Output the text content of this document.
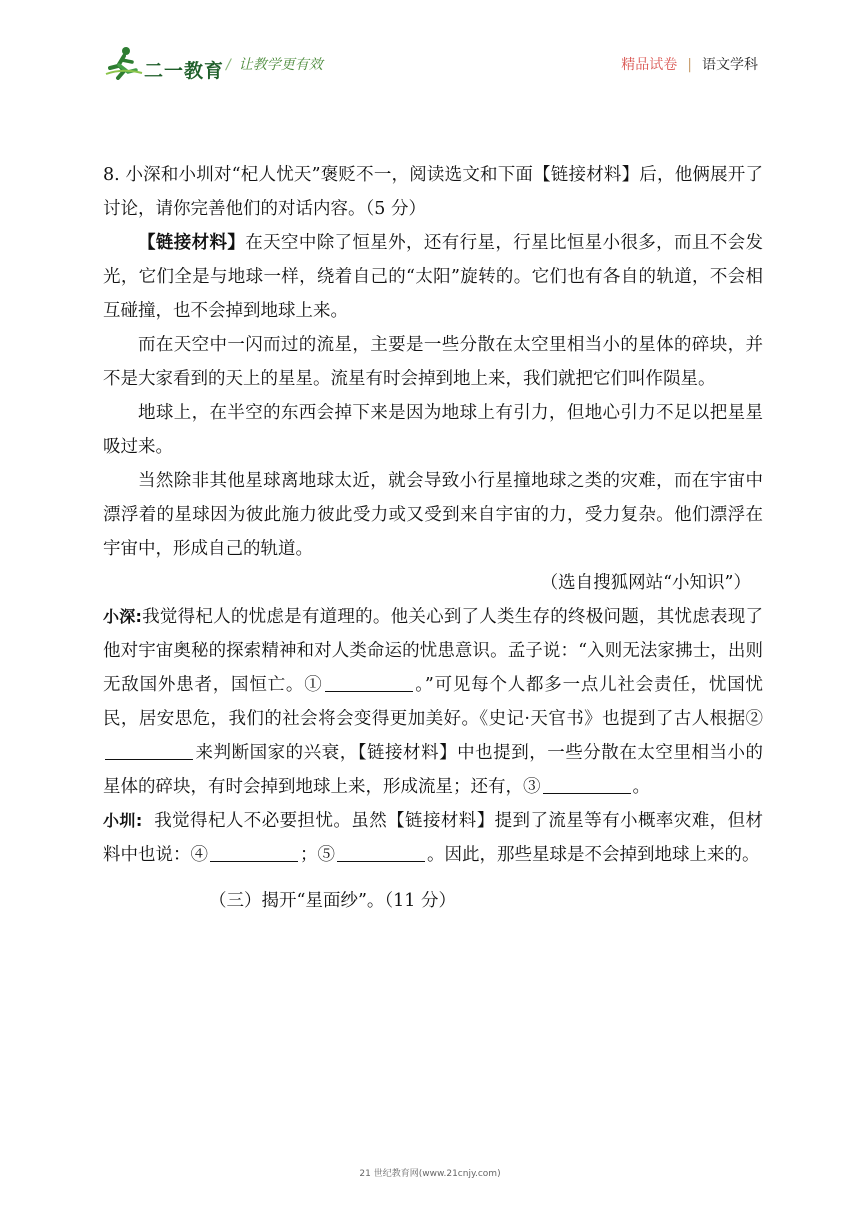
二一教育 / 让教学更有效	精品试卷 | 语文学科

8. 小深和小圳对“杞人忧天”褒贬不一，阅读选文和下面【链接材料】后，他俩展开了讨论，请你完善他们的对话内容。（5 分）

【链接材料】在天空中除了恒星外，还有行星，行星比恒星小很多，而且不会发光，它们全是与地球一样，绕着自己的“太阳”旋转的。它们也有各自的轨道，不会相互碰撞，也不会掉到地球上来。

而在天空中一闪而过的流星，主要是一些分散在太空里相当小的星体的碎块，并不是大家看到的天上的星星。流星有时会掉到地上来，我们就把它们叫作陨星。

地球上，在半空的东西会掉下来是因为地球上有引力，但地心引力不足以把星星吸过来。

当然除非其他星球离地球太近，就会导致小行星撞地球之类的灾难，而在宇宙中漂浮着的星球因为彼此施力彼此受力或又受到来自宇宙的力，受力复杂。他们漂浮在宇宙中，形成自己的轨道。

（选自搜狐网站“小知识”）

小深:我觉得杞人的忧虑是有道理的。他关心到了人类生存的终极问题，其忧虑表现了他对宇宙奥秘的探索精神和对人类命运的忧患意识。孟子说：“入则无法家拂士，出则无敌国外患者，国恒亡。①	。”可见每个人都多一点儿社会责任，忧国忧民，居安思危，我们的社会将会变得更加美好。《史记·天官书》也提到了古人根据②来判断国家的兴衰，【链接材料】中也提到，一些分散在太空里相当小的星体的碎块，有时会掉到地球上来，形成流星；还有，③	。

小圳: 我觉得杞人不必要担忧。虽然【链接材料】提到了流星等有小概率灾难，但材料中也说：④	；⑤	。因此，那些星球是不会掉到地球上来的。

（三）揭开“星面纱”。（11 分）

21 世纪教育网(www.21cnjy.com)
